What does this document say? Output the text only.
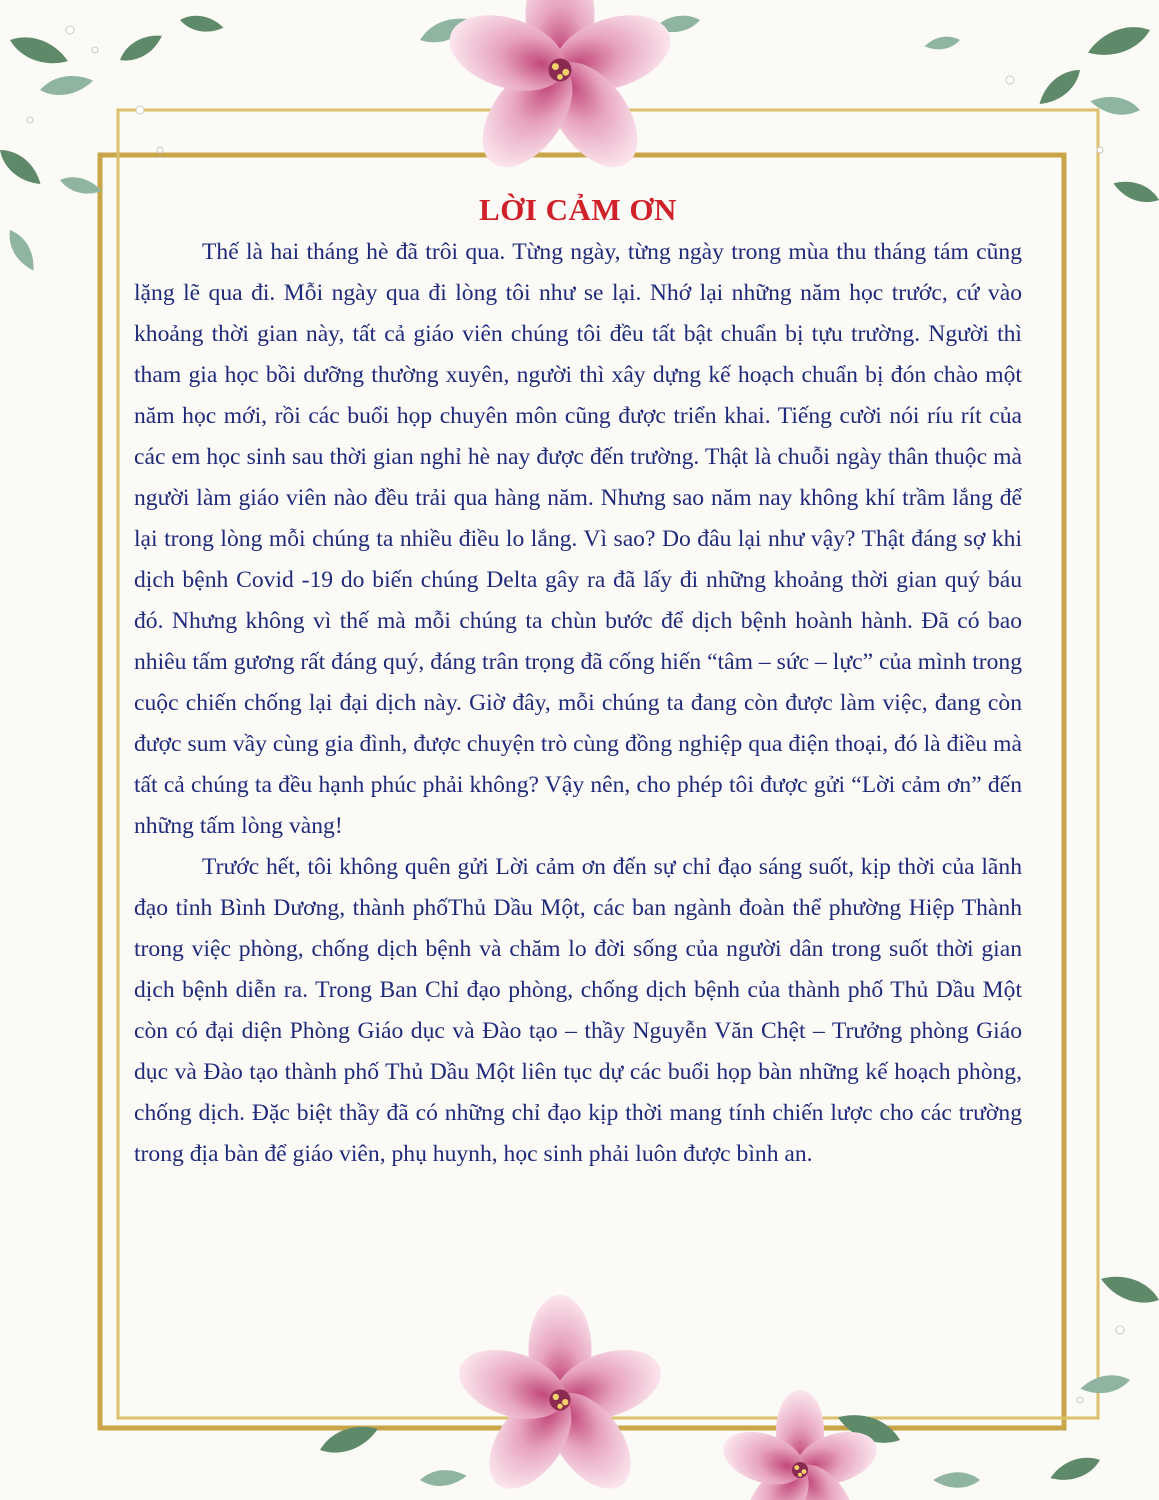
LỜI CẢM ƠN

Thế là hai tháng hè đã trôi qua. Từng ngày, từng ngày trong mùa thu tháng tám cũng lặng lẽ qua đi. Mỗi ngày qua đi lòng tôi như se lại. Nhớ lại những năm học trước, cứ vào khoảng thời gian này, tất cả giáo viên chúng tôi đều tất bật chuẩn bị tựu trường. Người thì tham gia học bồi dưỡng thường xuyên, người thì xây dựng kế hoạch chuẩn bị đón chào một năm học mới, rồi các buổi họp chuyên môn cũng được triển khai. Tiếng cười nói ríu rít của các em học sinh sau thời gian nghỉ hè nay được đến trường. Thật là chuỗi ngày thân thuộc mà người làm giáo viên nào đều trải qua hàng năm. Nhưng sao năm nay không khí trầm lắng để lại trong lòng mỗi chúng ta nhiều điều lo lắng. Vì sao? Do đâu lại như vậy? Thật đáng sợ khi dịch bệnh Covid -19 do biến chúng Delta gây ra đã lấy đi những khoảng thời gian quý báu đó. Nhưng không vì thế mà mỗi chúng ta chùn bước để dịch bệnh hoành hành. Đã có bao nhiêu tấm gương rất đáng quý, đáng trân trọng đã cống hiến “tâm – sức – lực” của mình trong cuộc chiến chống lại đại dịch này. Giờ đây, mỗi chúng ta đang còn được làm việc, đang còn được sum vầy cùng gia đình, được chuyện trò cùng đồng nghiệp qua điện thoại, đó là điều mà tất cả chúng ta đều hạnh phúc phải không? Vậy nên, cho phép tôi được gửi “Lời cảm ơn” đến những tấm lòng vàng!

Trước hết, tôi không quên gửi Lời cảm ơn đến sự chỉ đạo sáng suốt, kịp thời của lãnh đạo tỉnh Bình Dương, thành phốThủ Dầu Một, các ban ngành đoàn thể phường Hiệp Thành trong việc phòng, chống dịch bệnh và chăm lo đời sống của người dân trong suốt thời gian dịch bệnh diễn ra. Trong Ban Chỉ đạo phòng, chống dịch bệnh của thành phố Thủ Dầu Một còn có đại diện Phòng Giáo dục và Đào tạo – thầy Nguyễn Văn Chệt – Trưởng phòng Giáo dục và Đào tạo thành phố Thủ Dầu Một liên tục dự các buổi họp bàn những kế hoạch phòng, chống dịch. Đặc biệt thầy đã có những chỉ đạo kịp thời mang tính chiến lược cho các trường trong địa bàn để giáo viên, phụ huynh, học sinh phải luôn được bình an.
